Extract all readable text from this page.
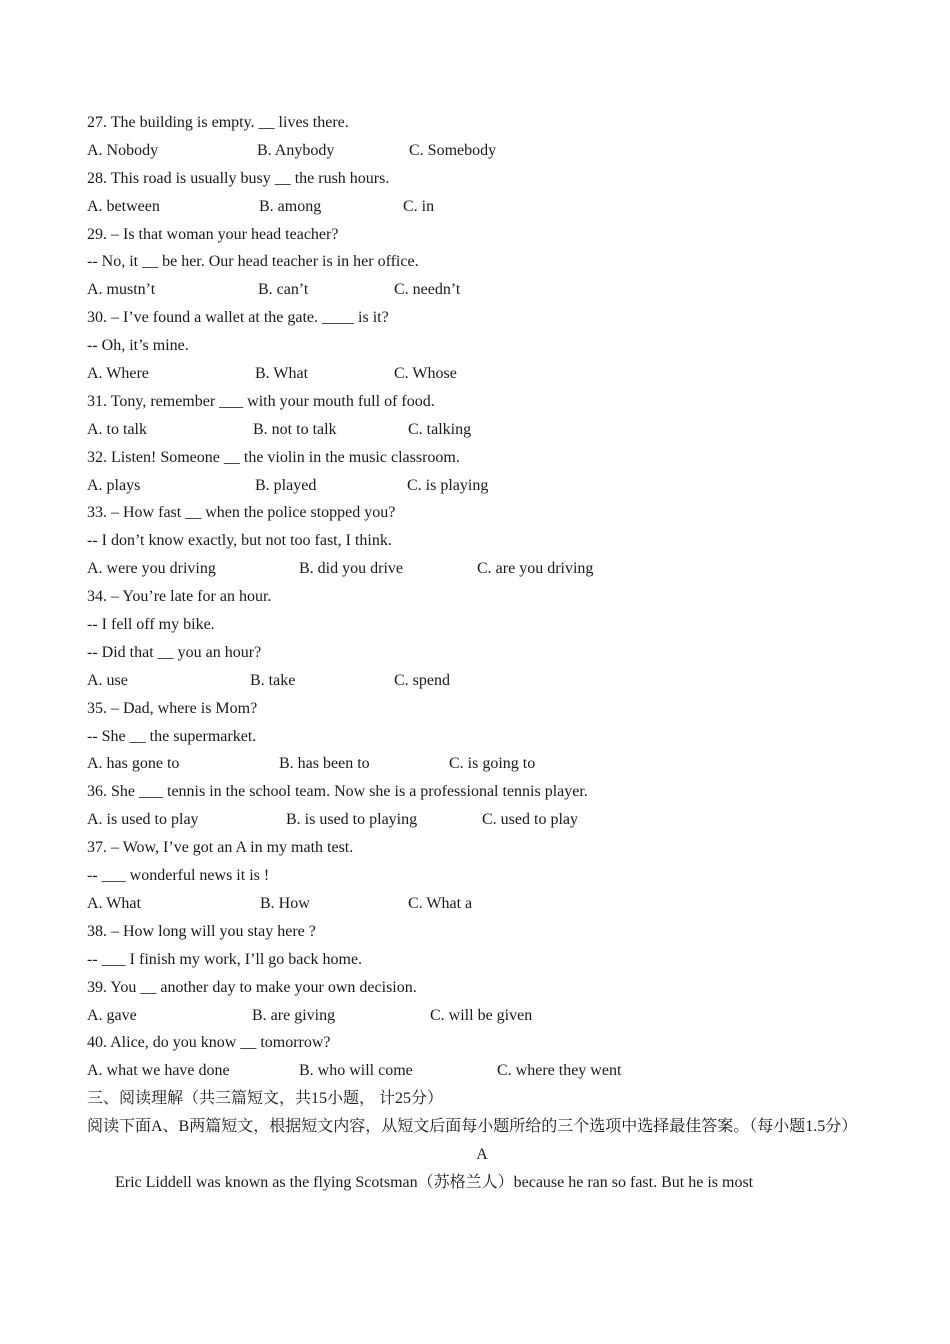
27. The building is empty. __ lives there.
A. Nobody	B. Anybody	C. Somebody
28. This road is usually busy __ the rush hours.
A. between	B. among	C. in
29. – Is that woman your head teacher?
-- No, it __ be her. Our head teacher is in her office.
A. mustn’t	B. can’t	C. needn’t
30. – I’ve found a wallet at the gate. ____ is it?
-- Oh, it’s mine.
A. Where	B. What	C. Whose
31. Tony, remember ___ with your mouth full of food.
A. to talk	B. not to talk	C. talking
32. Listen! Someone __ the violin in the music classroom.
A. plays	B. played	C. is playing
33. – How fast __ when the police stopped you?
-- I don’t know exactly, but not too fast, I think.
A. were you driving	B. did you drive	C. are you driving
34. – You’re late for an hour.
-- I fell off my bike.
-- Did that __ you an hour?
A. use	B. take	C. spend
35. – Dad, where is Mom?
-- She __ the supermarket.
A. has gone to	B. has been to	C. is going to
36. She ___ tennis in the school team. Now she is a professional tennis player.
A. is used to play	B. is used to playing	C. used to play
37. – Wow, I’ve got an A in my math test.
-- ___ wonderful news it is !
A. What	B. How	C. What a
38. – How long will you stay here ?
-- ___ I finish my work, I’ll go back home.
39. You __ another day to make your own decision.
A. gave	B. are giving	C. will be given
40. Alice, do you know __ tomorrow?
A. what we have done	B. who will come	C. where they went
三、阅读理解（共三篇短文，共15小题， 计25分）
阅读下面A、B两篇短文，根据短文内容，从短文后面每小题所给的三个选项中选择最佳答案。（每小题1.5分）
A
Eric Liddell was known as the flying Scotsman（苏格兰人）because he ran so fast. But he is most
